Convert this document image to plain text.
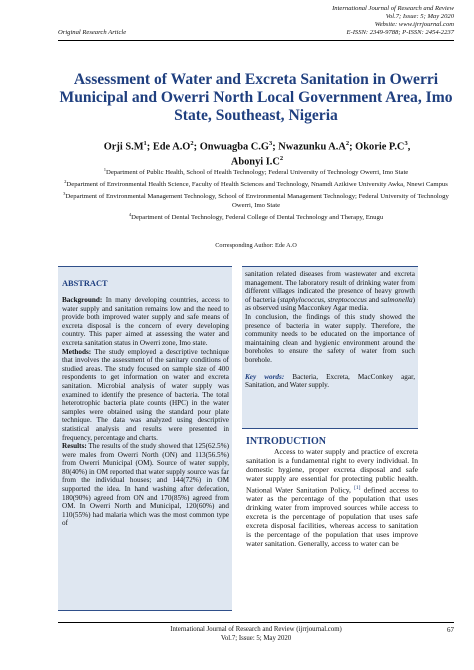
International Journal of Research and Review
Vol.7; Issue: 5; May 2020
Website: www.ijrrjournal.com
E-ISSN: 2349-9788; P-ISSN: 2454-2237
Original Research Article
Assessment of Water and Excreta Sanitation in Owerri Municipal and Owerri North Local Government Area, Imo State, Southeast, Nigeria
Orji $S.M^1$; Ede $A.O^2$; Onwuagba $C.G^3$; Nwazunku $A.A^2$; Okorie $P.C^3$,
Abonyi $I.C^2$
$^1$Department of Public Health, School of Health Technology; Federal University of Technology Owerri, Imo State
$^2$Department of Environmental Health Science, Faculty of Health Sciences and Technology, Nnamdi Azikiwe University Awka, Nnewi Campus
$^3$Department of Environmental Management Technology, School of Environmental Management Technology; Federal University of Technology Owerri, Imo State
$^4$Department of Dental Technology, Federal College of Dental Technology and Therapy, Enugu
Corresponding Author: Ede A.O
ABSTRACT

Background: In many developing countries, access to water supply and sanitation remains low and the need to provide both improved water supply and safe means of excreta disposal is the concern of every developing country. This paper aimed at assessing the water and excreta sanitation status in Owerri zone, Imo state.

Methods: The study employed a descriptive technique that involves the assessment of the sanitary conditions of studied areas. The study focused on sample size of 400 respondents to get information on water and excreta sanitation. Microbial analysis of water supply was examined to identify the presence of bacteria. The total heterotrophic bacteria plate counts (HPC) in the water samples were obtained using the standard pour plate technique. The data was analyzed using descriptive statistical analysis and results were presented in frequency, percentage and charts.

Results: The results of the study showed that 125(62.5%) were males from Owerri North (ON) and 113(56.5%) from Owerri Municipal (OM). Source of water supply, 80(40%) in OM reported that water supply source was far from the individual houses; and 144(72%) in OM supported the idea. In hand washing after defecation, 180(90%) agreed from ON and 170(85%) agreed from OM. In Owerri North and Municipal, 120(60%) and 110(55%) had malaria which was the most common type of

sanitation related diseases from wastewater and excreta management. The laboratory result of drinking water from different villages indicated the presence of heavy growth of bacteria (staphylococcus, streptococcus and salmonella) as observed using Macconkey Agar media.
In conclusion, the findings of this study showed the presence of bacteria in water supply. Therefore, the community needs to be educated on the importance of maintaining clean and hygienic environment around the boreholes to ensure the safety of water from such borehole.
Key words: Bacteria, Excreta, MacConkey agar, Sanitation, and Water supply.
INTRODUCTION
Access to water supply and practice of excreta sanitation is a fundamental right to every individual. In domestic hygiene, proper excreta disposal and safe water supply are essential for protecting public health. National Water Sanitation Policy, [1] defined access to water as the percentage of the population that uses drinking water from improved sources while access to excreta is the percentage of population that uses safe excreta disposal facilities, whereas access to sanitation is the percentage of the population that uses improve water sanitation. Generally, access to water can be
International Journal of Research and Review (ijrrjournal.com)
Vol.7; Issue: 5; May 2020
67
